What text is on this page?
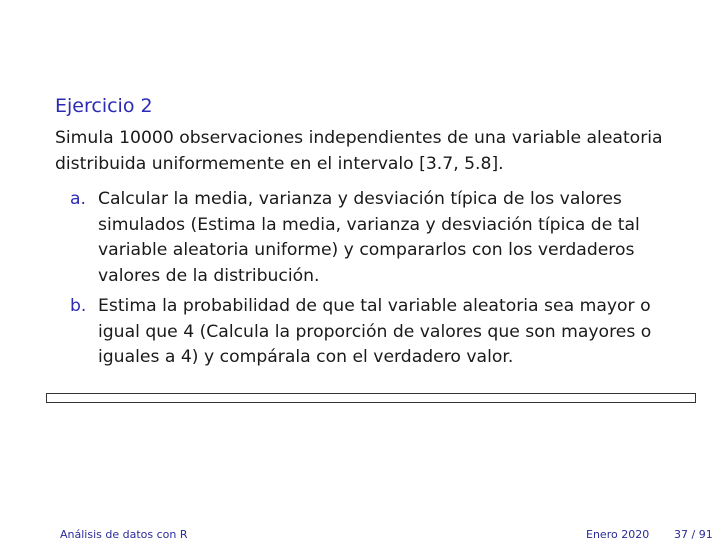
Ejercicio 2
Simula 10000 observaciones independientes de una variable aleatoria distribuida uniformemente en el intervalo [3.7, 5.8].
a. Calcular la media, varianza y desviación típica de los valores simulados (Estima la media, varianza y desviación típica de tal variable aleatoria uniforme) y compararlos con los verdaderos valores de la distribución.
b. Estima la probabilidad de que tal variable aleatoria sea mayor o igual que 4 (Calcula la proporción de valores que son mayores o iguales a 4) y compárala con el verdadero valor.
Análisis de datos con R	Enero 2020 37 / 91
